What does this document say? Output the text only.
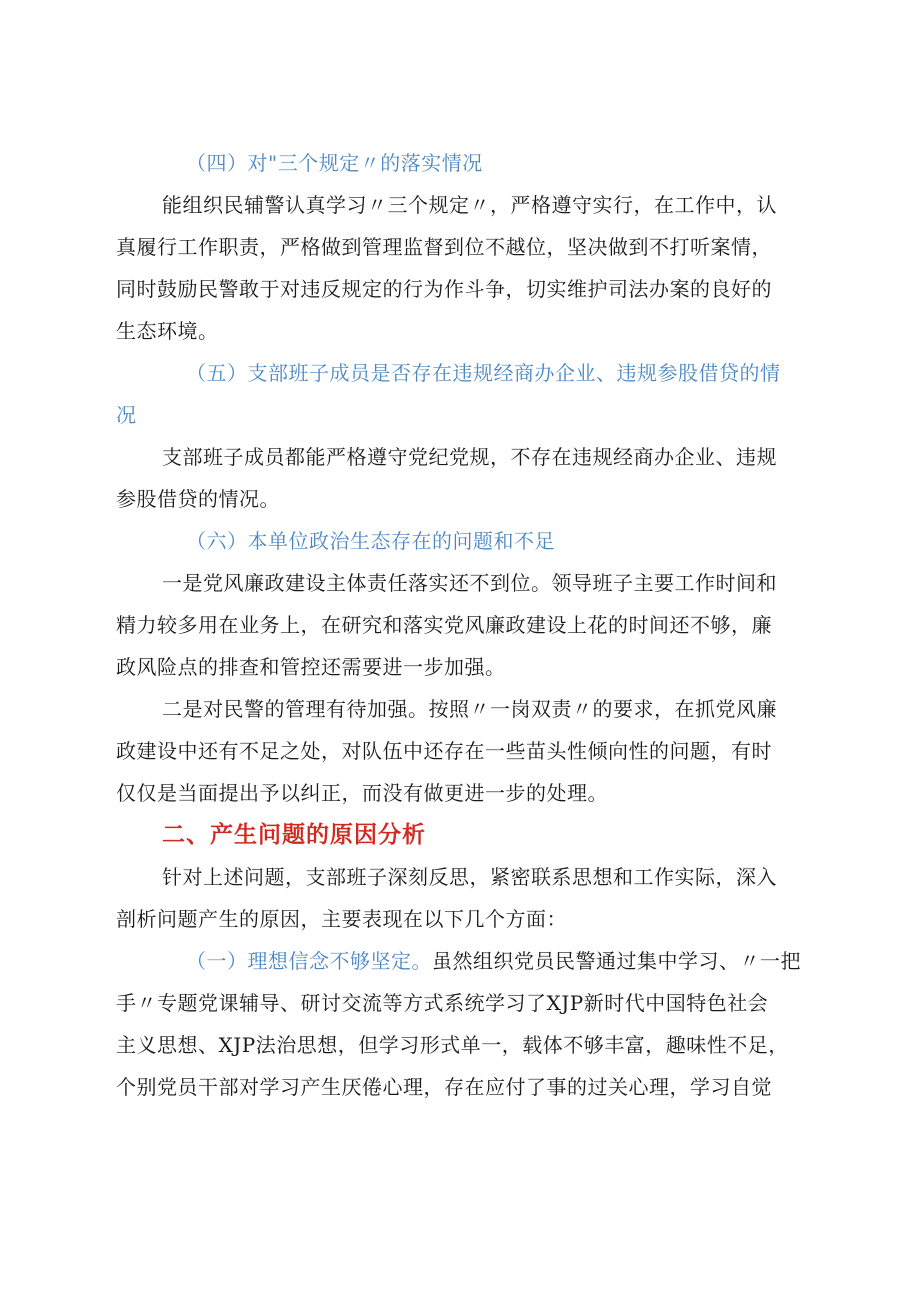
（四）对"三个规定〃的落实情况
能组织民辅警认真学习〃三个规定〃，严格遵守实行，在工作中，认
真履行工作职责，严格做到管理监督到位不越位，坚决做到不打听案情，
同时鼓励民警敢于对违反规定的行为作斗争，切实维护司法办案的良好的
生态环境。
（五）支部班子成员是否存在违规经商办企业、违规参股借贷的情
况
支部班子成员都能严格遵守党纪党规，不存在违规经商办企业、违规
参股借贷的情况。
（六）本单位政治生态存在的问题和不足
一是党风廉政建设主体责任落实还不到位。领导班子主要工作时间和
精力较多用在业务上，在研究和落实党风廉政建设上花的时间还不够，廉
政风险点的排查和管控还需要进一步加强。
二是对民警的管理有待加强。按照〃一岗双责〃的要求，在抓党风廉
政建设中还有不足之处，对队伍中还存在一些苗头性倾向性的问题，有时
仅仅是当面提出予以纠正，而没有做更进一步的处理。
二、产生问题的原因分析
针对上述问题，支部班子深刻反思，紧密联系思想和工作实际，深入
剖析问题产生的原因，主要表现在以下几个方面：
（一）理想信念不够坚定。虽然组织党员民警通过集中学习、〃一把
手〃专题党课辅导、研讨交流等方式系统学习了XJP新时代中国特色社会
主义思想、XJP法治思想，但学习形式单一，载体不够丰富，趣味性不足，
个别党员干部对学习产生厌倦心理，存在应付了事的过关心理，学习自觉
